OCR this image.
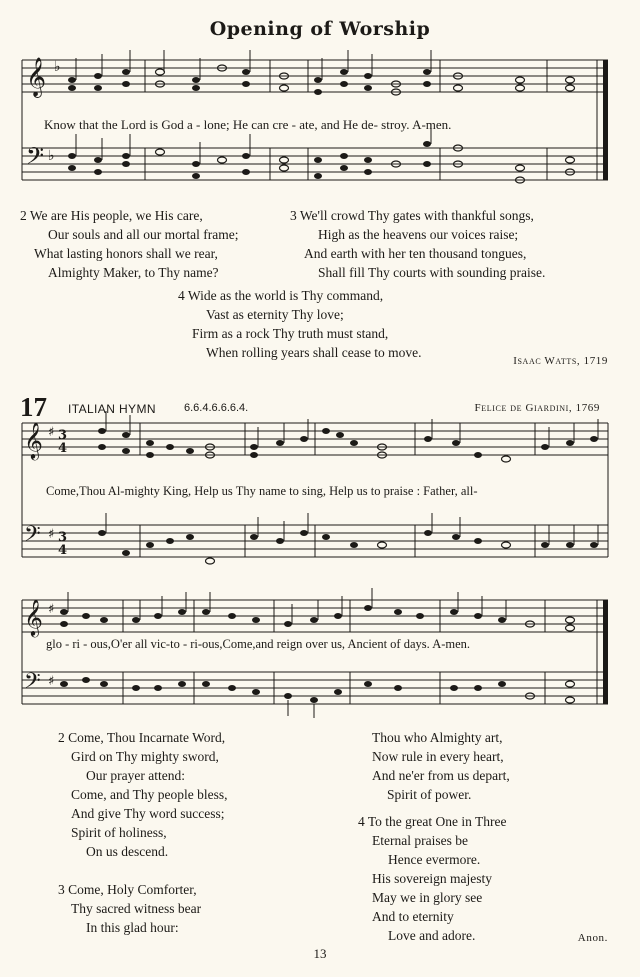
Opening of Worship
𝄞
𝄢
♭
♭
Know that the Lord is God a - lone; He can cre - ate, and He de- stroy. A-men.
2 We are His people, we His care,
Our souls and all our mortal frame;
What lasting honors shall we rear,
Almighty Maker, to Thy name?
3 We'll crowd Thy gates with thankful songs,
High as the heavens our voices raise;
And earth with her ten thousand tongues,
Shall fill Thy courts with sounding praise.
4 Wide as the world is Thy command,
Vast as eternity Thy love;
Firm as a rock Thy truth must stand,
When rolling years shall cease to move.
Isaac Watts, 1719
17 ITALIAN HYMN	6.6.4.6.6.6.4.	Felice de Giardini, 1769
𝄞
𝄢
♯
♯
3
4
3
4
Come,Thou Al-mighty King, Help us Thy name to sing, Help us to praise : Father, all-
𝄞
𝄢
♯
♯
glo - ri - ous,O'er all vic-to - ri-ous,Come,and reign over us, Ancient of days. A-men.
2 Come, Thou Incarnate Word,
Gird on Thy mighty sword,
Our prayer attend:
Come, and Thy people bless,
And give Thy word success;
Spirit of holiness,
On us descend.
Thou who Almighty art,
Now rule in every heart,
And ne'er from us depart,
Spirit of power.
4 To the great One in Three
Eternal praises be
Hence evermore.
His sovereign majesty
May we in glory see
And to eternity
Love and adore.
3 Come, Holy Comforter,
Thy sacred witness bear
In this glad hour:
Anon.
13
